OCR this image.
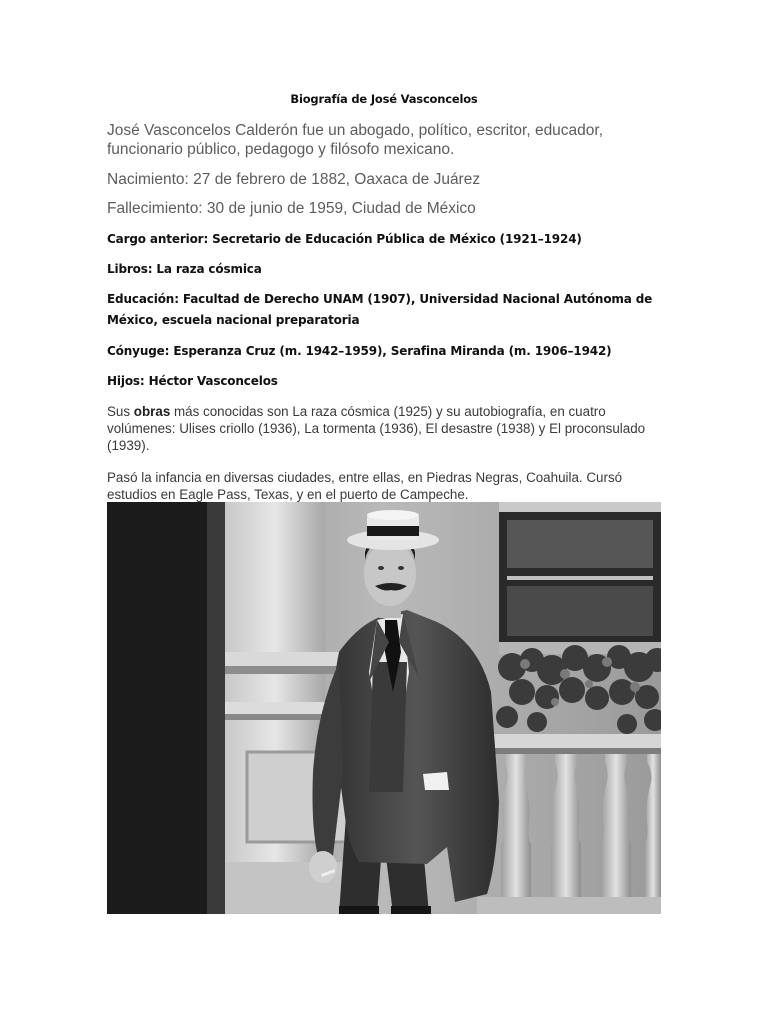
Biografía de José Vasconcelos
José Vasconcelos Calderón fue un abogado, político, escritor, educador, funcionario público, pedagogo y filósofo mexicano.
Nacimiento: 27 de febrero de 1882, Oaxaca de Juárez
Fallecimiento: 30 de junio de 1959, Ciudad de México
Cargo anterior: Secretario de Educación Pública de México (1921–1924)
Libros: La raza cósmica
Educación: Facultad de Derecho UNAM (1907), Universidad Nacional Autónoma de México, escuela nacional preparatoria
Cónyuge: Esperanza Cruz (m. 1942–1959), Serafina Miranda (m. 1906–1942)
Hijos: Héctor Vasconcelos
Sus obras más conocidas son La raza cósmica (1925) y su autobiografía, en cuatro volúmenes: Ulises criollo (1936), La tormenta (1936), El desastre (1938) y El proconsulado (1939).
Pasó la infancia en diversas ciudades, entre ellas, en Piedras Negras, Coahuila. Cursó estudios en Eagle Pass, Texas, y en el puerto de Campeche.
